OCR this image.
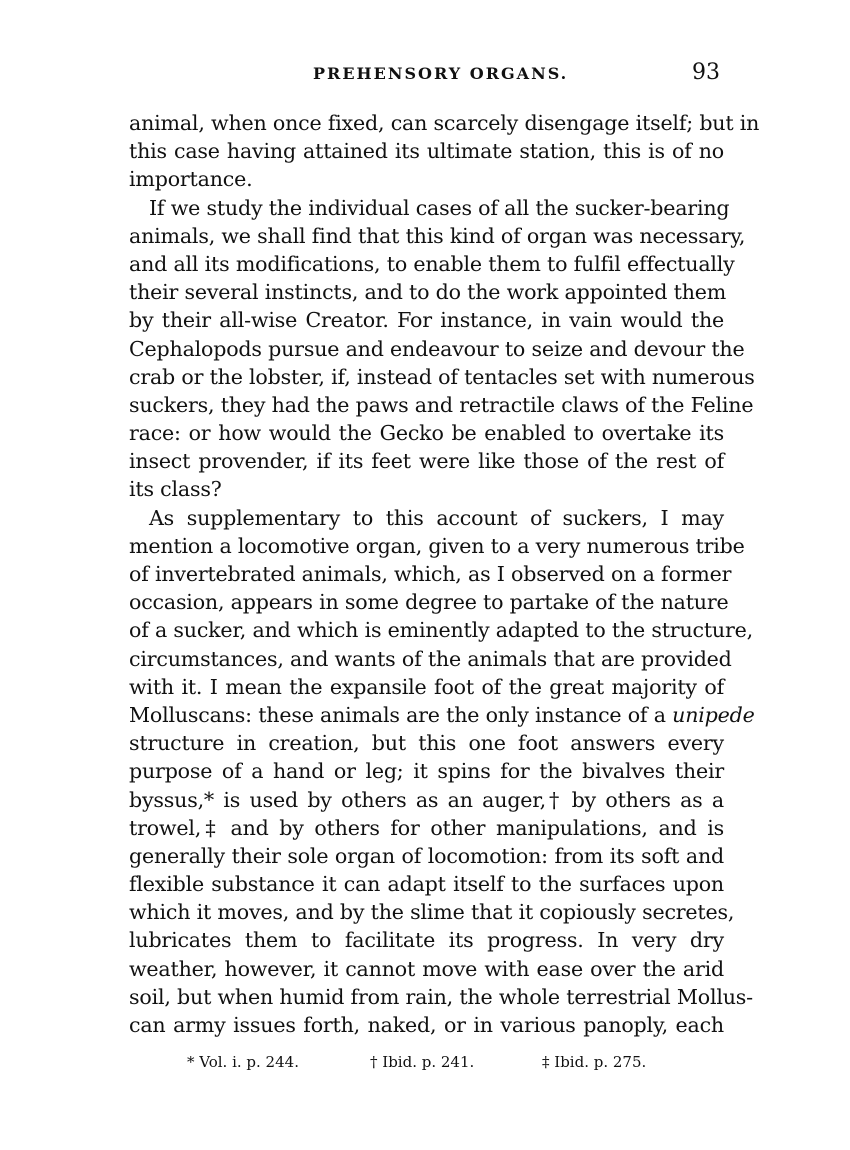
PREHENSORY ORGANS.	93
animal, when once fixed, can scarcely disengage itself; but in
this case having attained its ultimate station, this is of no
importance.
If we study the individual cases of all the sucker-bearing
animals, we shall find that this kind of organ was necessary,
and all its modifications, to enable them to fulfil effectually
their several instincts, and to do the work appointed them
by their all-wise Creator. For instance, in vain would the
Cephalopods pursue and endeavour to seize and devour the
crab or the lobster, if, instead of tentacles set with numerous
suckers, they had the paws and retractile claws of the Feline
race: or how would the Gecko be enabled to overtake its
insect provender, if its feet were like those of the rest of
its class?
As supplementary to this account of suckers, I may
mention a locomotive organ, given to a very numerous tribe
of invertebrated animals, which, as I observed on a former
occasion, appears in some degree to partake of the nature
of a sucker, and which is eminently adapted to the structure,
circumstances, and wants of the animals that are provided
with it. I mean the expansile foot of the great majority of
Molluscans: these animals are the only instance of a unipede
structure in creation, but this one foot answers every
purpose of a hand or leg; it spins for the bivalves their
byssus,* is used by others as an auger,† by others as a
trowel,‡ and by others for other manipulations, and is
generally their sole organ of locomotion: from its soft and
flexible substance it can adapt itself to the surfaces upon
which it moves, and by the slime that it copiously secretes,
lubricates them to facilitate its progress. In very dry
weather, however, it cannot move with ease over the arid
soil, but when humid from rain, the whole terrestrial Mollus-
can army issues forth, naked, or in various panoply, each
* Vol. i. p. 244.	† Ibid. p. 241.	‡ Ibid. p. 275.
